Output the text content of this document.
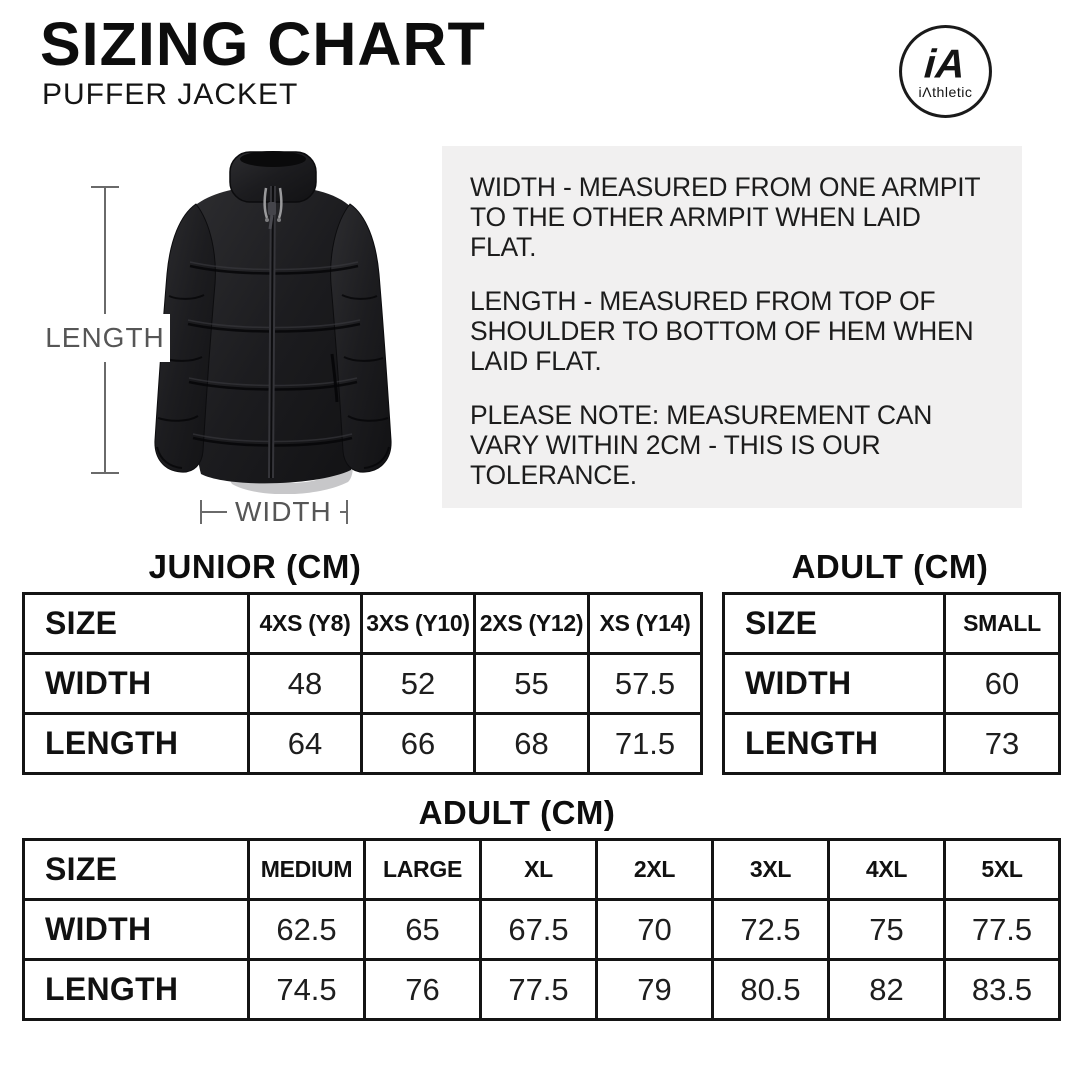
SIZING CHART
PUFFER JACKET
iA
iΛthletic
LENGTH
WIDTH

WIDTH - MEASURED FROM ONE ARMPIT TO THE OTHER ARMPIT WHEN LAID FLAT.

LENGTH - MEASURED FROM TOP OF SHOULDER TO BOTTOM OF HEM WHEN LAID FLAT.

PLEASE NOTE: MEASUREMENT CAN VARY WITHIN 2CM - THIS IS OUR TOLERANCE.

JUNIOR (CM)
SIZE	4XS (Y8)	3XS (Y10)	2XS (Y12)	XS (Y14)
WIDTH	48	52	55	57.5
LENGTH	64	66	68	71.5
ADULT (CM)
SIZE	SMALL
WIDTH	60
LENGTH	73
ADULT (CM)
SIZE	MEDIUM	LARGE	XL	2XL	3XL	4XL	5XL
WIDTH	62.5	65	67.5	70	72.5	75	77.5
LENGTH	74.5	76	77.5	79	80.5	82	83.5
